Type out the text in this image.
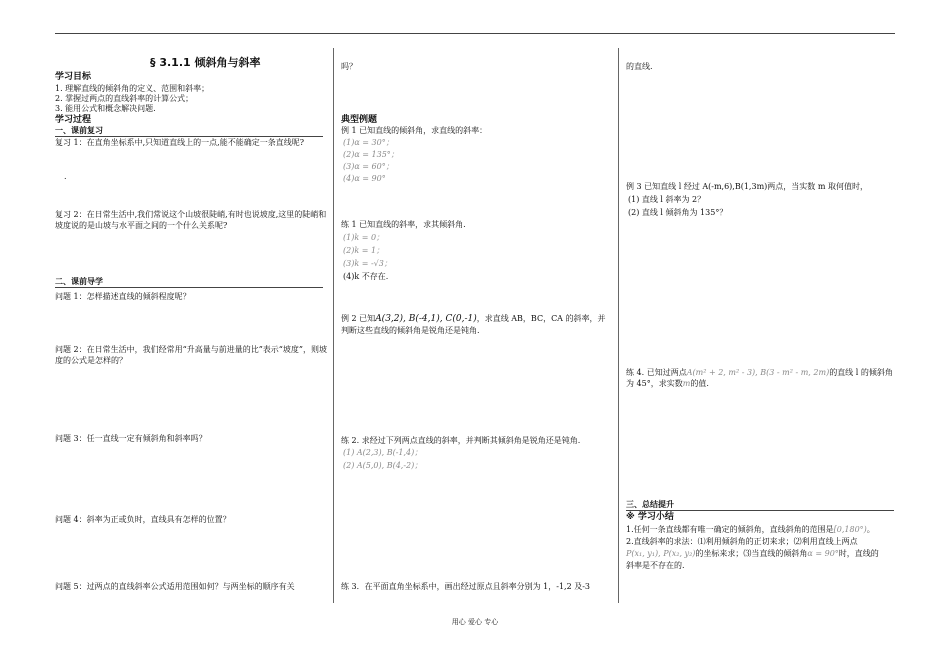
§ 3.1.1 倾斜角与斜率
学习目标
1. 理解直线的倾斜角的定义、范围和斜率；
2. 掌握过两点的直线斜率的计算公式；
3. 能用公式和概念解决问题.
学习过程
一、课前复习
复习 1：在直角坐标系中,只知道直线上的一点,能不能确定一条直线呢?
.
复习 2：在日常生活中,我们常说这个山坡很陡峭,有时也说坡度,这里的陡峭和坡度说的是山坡与水平面之间的一个什么关系呢?
二、课前导学
问题 1：怎样描述直线的倾斜程度呢？
问题 2：在日常生活中，我们经常用“升高量与前进量的比”表示“坡度”，则坡度的公式是怎样的？
问题 3：任一直线一定有倾斜角和斜率吗？
问题 4：斜率为正或负时，直线具有怎样的位置？
问题 5：过两点的直线斜率公式适用范围如何？与两坐标的顺序有关
吗？
典型例题
例 1 已知直线的倾斜角，求直线的斜率：
(1)α = 30°；
(2)α = 135°；
(3)α = 60°；
(4)α = 90°
练 1 已知直线的斜率，求其倾斜角.
(1)k = 0；
(2)k = 1；
(3)k = -√3；
(4)k 不存在.
例 2 已知A(3,2), B(-4,1), C(0,-1)，求直线 AB，BC，CA 的斜率，并判断这些直线的倾斜角是锐角还是钝角.
练 2. 求经过下列两点直线的斜率，并判断其倾斜角是锐角还是钝角.
(1) A(2,3), B(-1,4)；
(2) A(5,0), B(4,-2)；
练 3．在平面直角坐标系中，画出经过原点且斜率分别为 1，-1,2 及-3
的直线.
例 3 已知直线 l 经过 A(-m,6),B(1,3m)两点，当实数 m 取何值时，
(1) 直线 l 斜率为 2？
(2) 直线 l 倾斜角为 135°？
练 4. 已知过两点A(m² + 2, m² - 3), B(3 - m² - m, 2m)的直线 l 的倾斜角为 45°，求实数m的值.
三、总结提升
※ 学习小结
1.任何一条直线都有唯一确定的倾斜角，直线斜角的范围是[0,180°)。
2.直线斜率的求法：⑴利用倾斜角的正切来求；⑵利用直线上两点
P(x₁, y₁), P(x₂, y₂)的坐标来求；⑶当直线的倾斜角α = 90°时，直线的
斜率是不存在的.
用心 爱心 专心
